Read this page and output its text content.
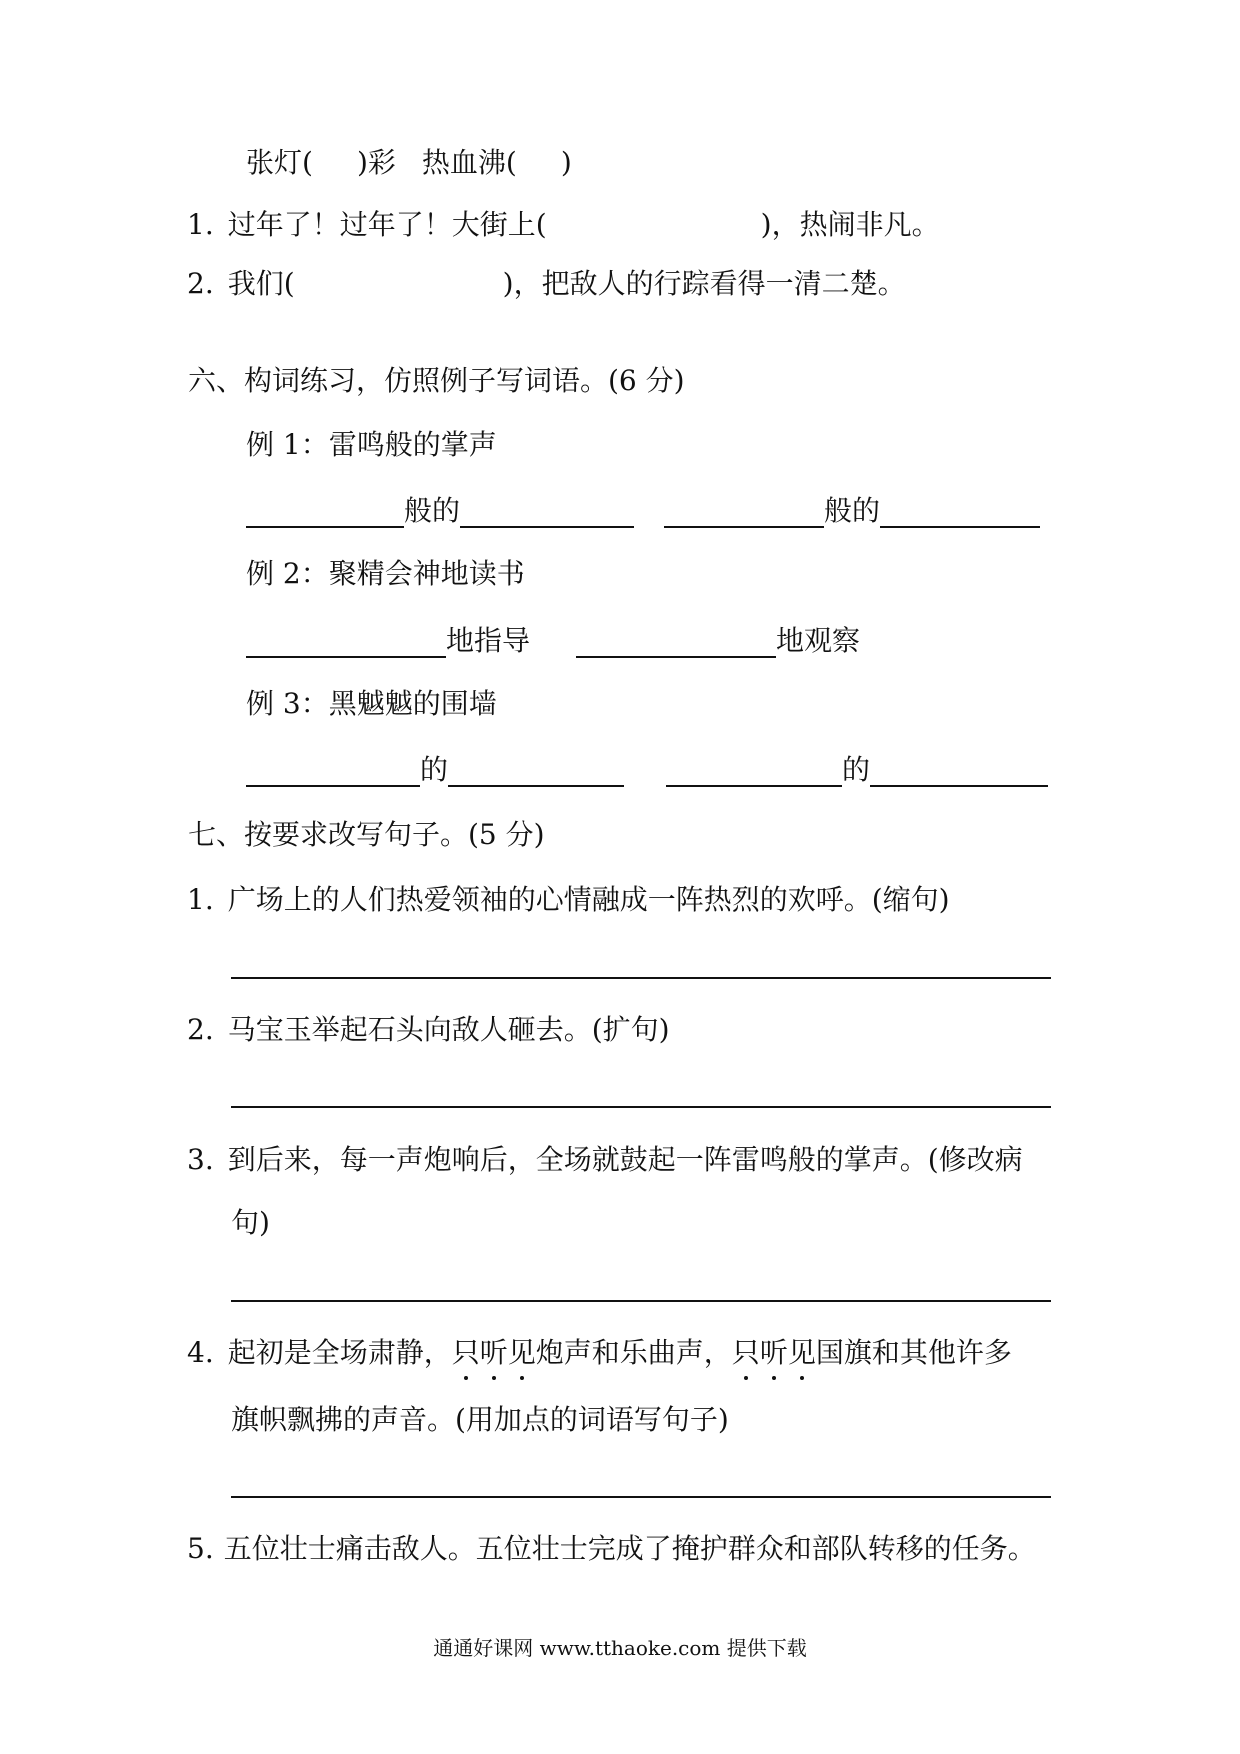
张灯( )彩 热血沸( )
1. 过年了！过年了！大街上(	)，热闹非凡。
2. 我们(	)，把敌人的行踪看得一清二楚。
六、构词练习，仿照例子写词语。(6 分)
例 1：雷鸣般的掌声
般的	般的
例 2：聚精会神地读书
地指导	地观察
例 3：黑魆魆的围墙
的	的
七、按要求改写句子。(5 分)
1. 广场上的人们热爱领袖的心情融成一阵热烈的欢呼。(缩句)
2. 马宝玉举起石头向敌人砸去。(扩句)
3. 到后来，每一声炮响后，全场就鼓起一阵雷鸣般的掌声。(修改病
句)
4. 起初是全场肃静，只听见炮声和乐曲声，只听见国旗和其他许多
旗帜飘拂的声音。(用加点的词语写句子)
5. 五位壮士痛击敌人。五位壮士完成了掩护群众和部队转移的任务。
通通好课网 www.tthaoke.com 提供下载
